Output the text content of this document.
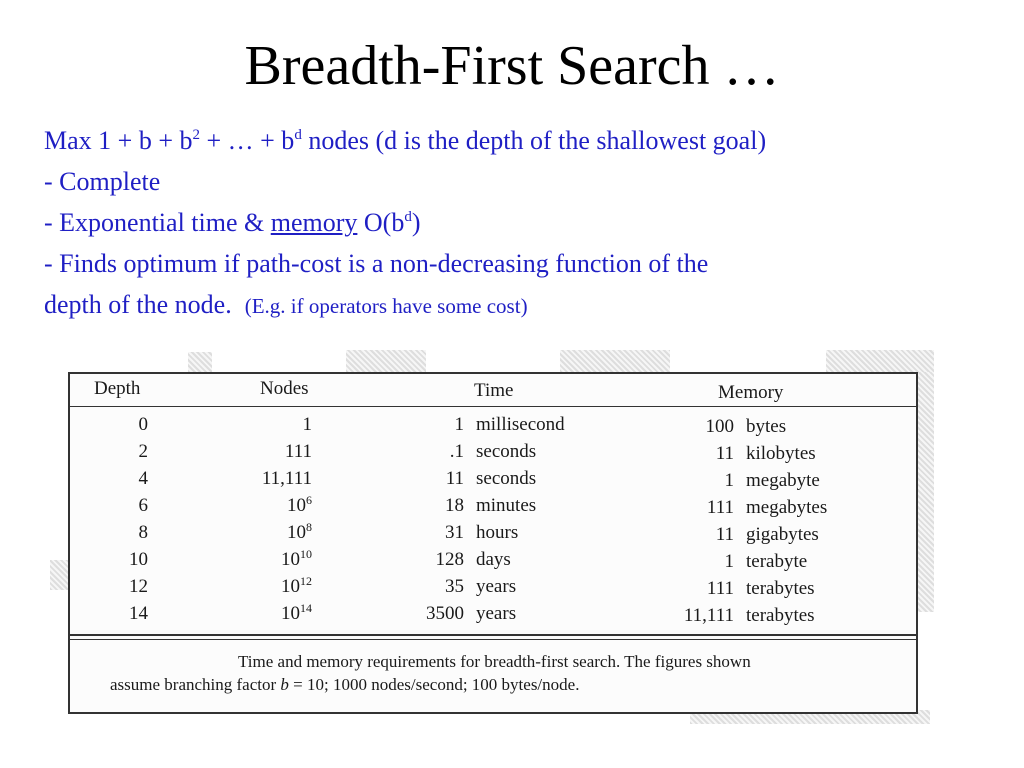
Breadth-First Search …
Max $1 + b + b^2$ + … + $b^d$ nodes (d is the depth of the shallowest goal)
- Complete
- Exponential time & memory $O(b^d)$
- Finds optimum if path-cost is a non-decreasing function of the
depth of the node. (E.g. if operators have some cost)
Depth	Nodes	Time	Memory
0	1	1 millisecond	100 bytes
2	111	.1 seconds	11 kilobytes
4	11,111	11 seconds	1 megabyte
6	$10^6$	18 minutes	111 megabytes
8	$10^8$	31 hours	11 gigabytes
10	$10^{10}$	128 days	1 terabyte
12	$10^{12}$	35 years	111 terabytes
14	$10^{14}$	3500 years	11,111 terabytes
Time and memory requirements for breadth-first search. The figures shown
assume branching factor b = 10; 1000 nodes/second; 100 bytes/node.
